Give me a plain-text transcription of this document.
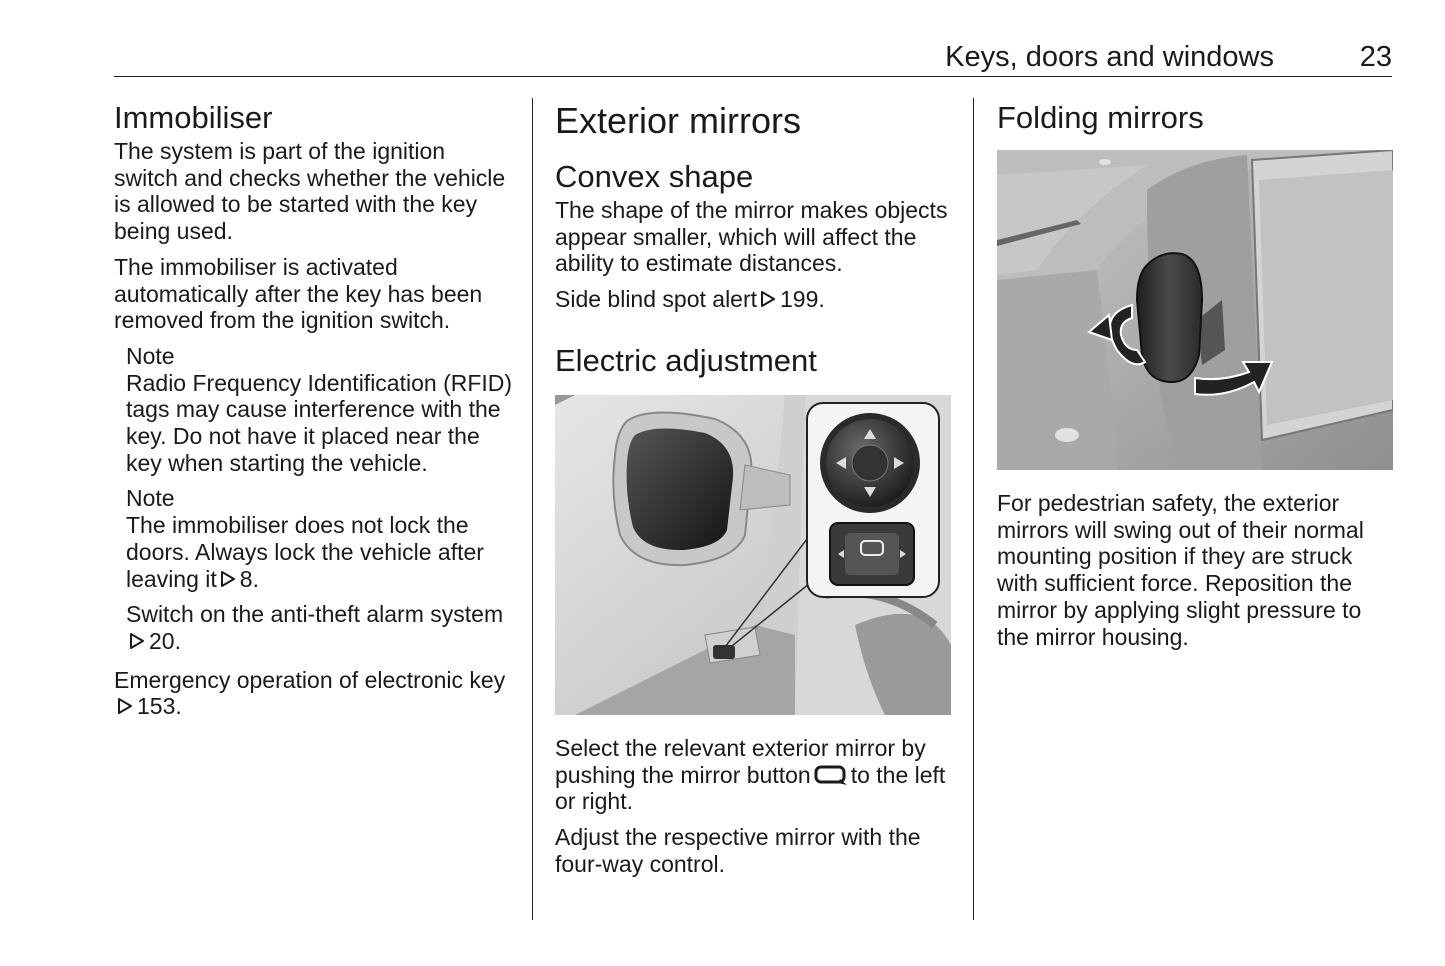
Keys, doors and windows	23
Immobiliser

The system is part of the ignition switch and checks whether the vehicle is allowed to be started with the key being used.

The immobiliser is activated automatically after the key has been removed from the ignition switch.

Note

Radio Frequency Identification (RFID) tags may cause interference with the key. Do not have it placed near the key when starting the vehicle.

Note

The immobiliser does not lock the doors. Always lock the vehicle after leaving it 8.

Switch on the anti-theft alarm system20.

Emergency operation of electronic key153.

Exterior mirrors
Convex shape

The shape of the mirror makes objects appear smaller, which will affect the ability to estimate distances.

Side blind spot alert 199.

Electric adjustment

Select the relevant exterior mirror by pushing the mirror button to the left or right.

Adjust the respective mirror with the four-way control.

Folding mirrors

For pedestrian safety, the exterior mirrors will swing out of their normal mounting position if they are struck with sufficient force. Reposition the mirror by applying slight pressure to the mirror housing.
